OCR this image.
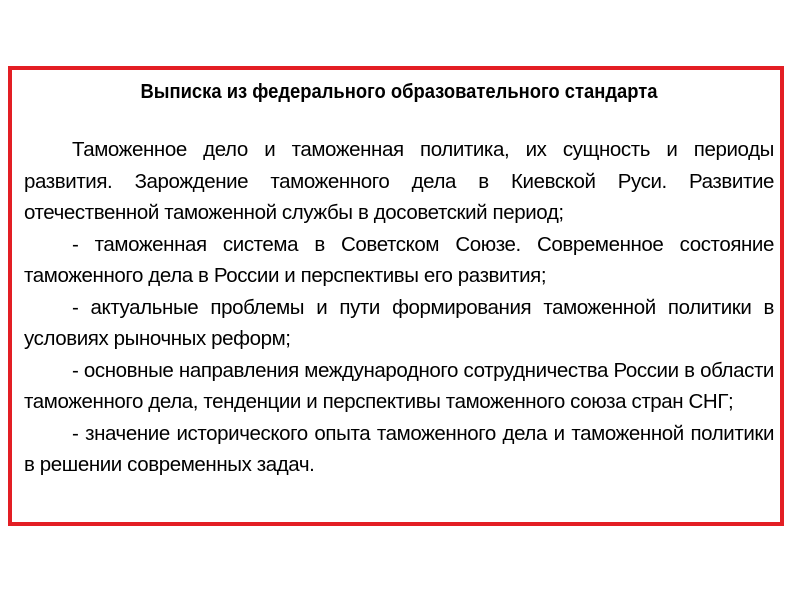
Выписка из федерального образовательного стандарта

Таможенное дело и таможенная политика, их сущность и периоды развития. Зарождение таможенного дела в Киевской Руси. Развитие отечественной таможенной службы в досоветский период;

- таможенная система в Советском Союзе. Современное состояние таможенного дела в России и перспективы его развития;

- актуальные проблемы и пути формирования таможенной политики в условиях рыночных реформ;

- основные направления международного сотрудничества России в области таможенного дела, тенденции и перспективы таможенного союза стран СНГ;

- значение исторического опыта таможенного дела и таможенной политики в решении современных задач.
